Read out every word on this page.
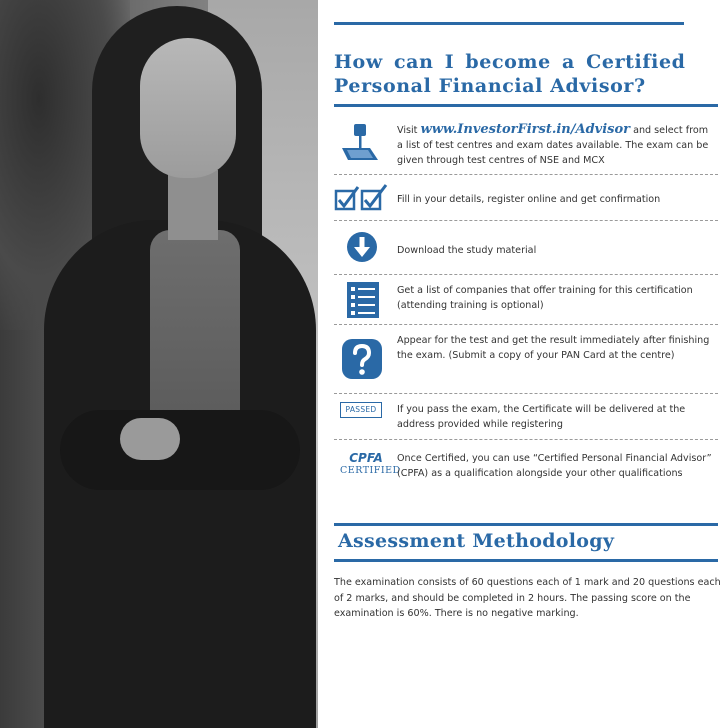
How can I become a Certified
Personal Financial Advisor?
Visit www.InvestorFirst.in/Advisor and select from a list of test centres and exam dates available. The exam can be given through test centres of NSE and MCX
Fill in your details, register online and get confirmation
Download the study material
Get a list of companies that offer training for this certification (attending training is optional)
Appear for the test and get the result immediately after finishing the exam. (Submit a copy of your PAN Card at the centre)
PASSED	If you pass the exam, the Certificate will be delivered at the address provided while registering
CPFA
CERTIFIED
Once Certified, you can use “Certified Personal Financial Advisor” (CPFA) as a qualification alongside your other qualifications
Assessment Methodology

The examination consists of 60 questions each of 1 mark and 20 questions each of 2 marks, and should be completed in 2 hours. The passing score on the examination is 60%. There is no negative marking.
